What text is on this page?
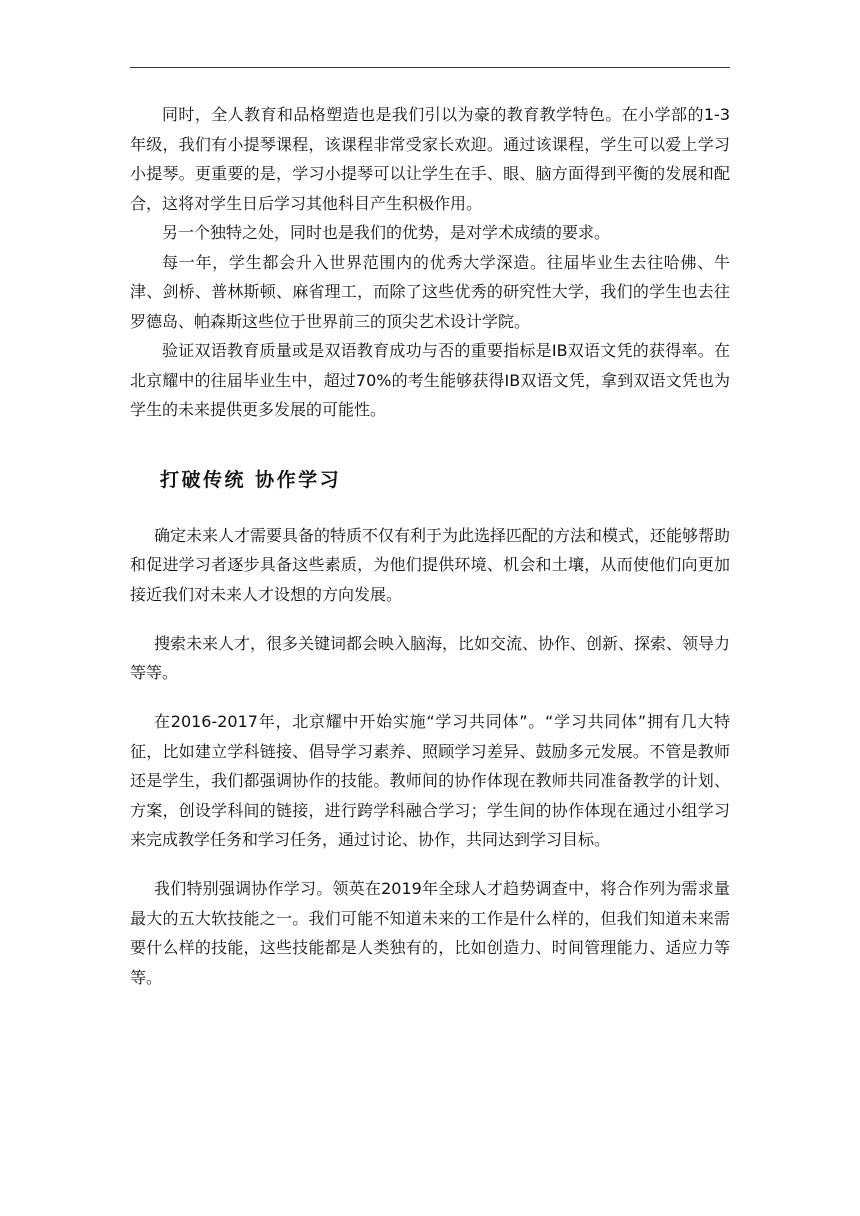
同时，全人教育和品格塑造也是我们引以为豪的教育教学特色。在小学部的1-3年级，我们有小提琴课程，该课程非常受家长欢迎。通过该课程，学生可以爱上学习小提琴。更重要的是，学习小提琴可以让学生在手、眼、脑方面得到平衡的发展和配合，这将对学生日后学习其他科目产生积极作用。

另一个独特之处，同时也是我们的优势，是对学术成绩的要求。

每一年，学生都会升入世界范围内的优秀大学深造。往届毕业生去往哈佛、牛津、剑桥、普林斯顿、麻省理工，而除了这些优秀的研究性大学，我们的学生也去往罗德岛、帕森斯这些位于世界前三的顶尖艺术设计学院。

验证双语教育质量或是双语教育成功与否的重要指标是IB双语文凭的获得率。在北京耀中的往届毕业生中，超过70%的考生能够获得IB双语文凭，拿到双语文凭也为学生的未来提供更多发展的可能性。

打破传统 协作学习

确定未来人才需要具备的特质不仅有利于为此选择匹配的方法和模式，还能够帮助和促进学习者逐步具备这些素质，为他们提供环境、机会和土壤，从而使他们向更加接近我们对未来人才设想的方向发展。

搜索未来人才，很多关键词都会映入脑海，比如交流、协作、创新、探索、领导力等等。

在2016-2017年，北京耀中开始实施“学习共同体”。“学习共同体”拥有几大特征，比如建立学科链接、倡导学习素养、照顾学习差异、鼓励多元发展。不管是教师还是学生，我们都强调协作的技能。教师间的协作体现在教师共同准备教学的计划、方案，创设学科间的链接，进行跨学科融合学习；学生间的协作体现在通过小组学习来完成教学任务和学习任务，通过讨论、协作，共同达到学习目标。

我们特别强调协作学习。领英在2019年全球人才趋势调查中，将合作列为需求量最大的五大软技能之一。我们可能不知道未来的工作是什么样的，但我们知道未来需要什么样的技能，这些技能都是人类独有的，比如创造力、时间管理能力、适应力等等。
